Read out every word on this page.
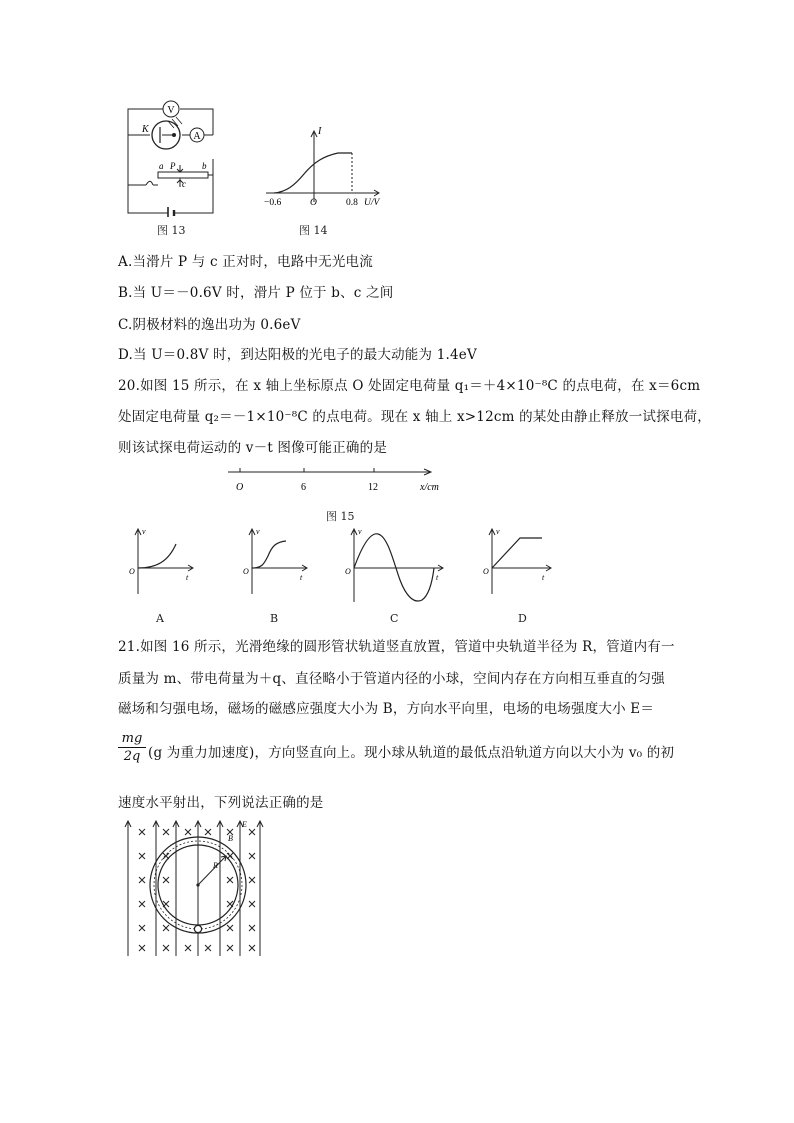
V
K
A
a P	b
c
图 13
I
−0.6	O	0.8 U/V
图 14
A.当滑片 P 与 c 正对时，电路中无光电流
B.当 U＝－0.6V 时，滑片 P 位于 b、c 之间
C.阴极材料的逸出功为 0.6eV
D.当 U＝0.8V 时，到达阳极的光电子的最大动能为 1.4eV
20.如图 15 所示，在 x 轴上坐标原点 O 处固定电荷量 q₁＝＋4×10⁻⁸C 的点电荷，在 x＝6cm
处固定电荷量 q₂＝－1×10⁻⁸C 的点电荷。现在 x 轴上 x>12cm 的某处由静止释放一试探电荷，
则该试探电荷运动的 v－t 图像可能正确的是
O	6	12	x/cm
图 15
v
O
t
A
v
O
t
B
v
O
t
C
v
O
t
D
21.如图 16 所示，光滑绝缘的圆形管状轨道竖直放置，管道中央轨道半径为 R，管道内有一
质量为 m、带电荷量为＋q、直径略小于管道内径的小球，空间内存在方向相互垂直的匀强
磁场和匀强电场，磁场的磁感应强度大小为 B，方向水平向里，电场的电场强度大小 E＝
$\frac{mg}{2q} (g$ 为重力加速度)，方向竖直向上。现小球从轨道的最低点沿轨道方向以大小为 v₀ 的初
速度水平射出，下列说法正确的是
R
E
B
